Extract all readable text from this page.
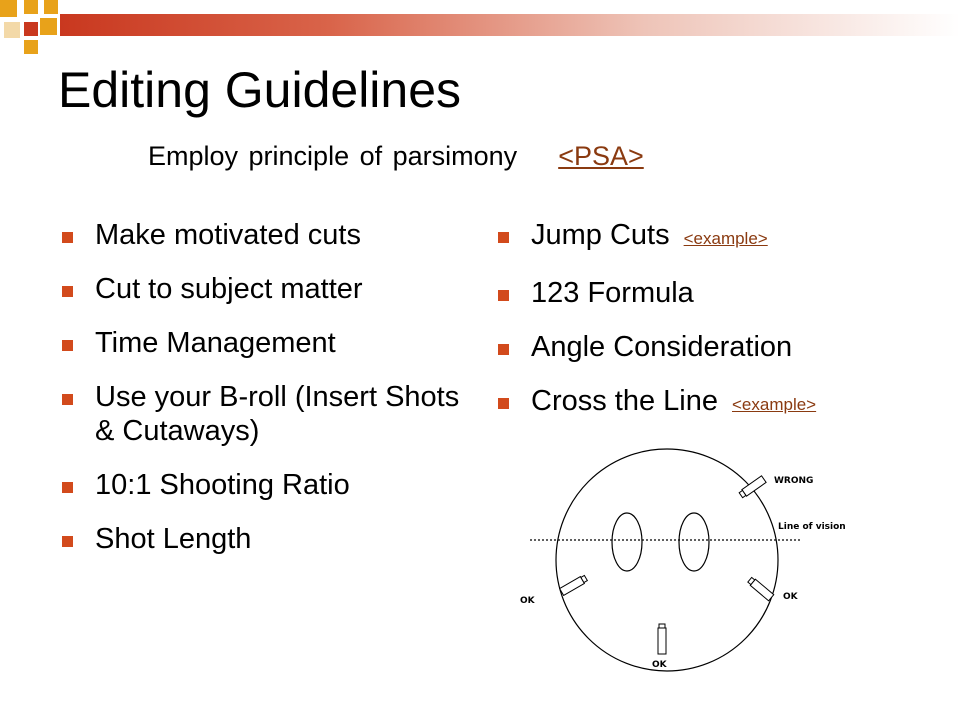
Editing Guidelines
Employ principle of parsimony <PSA>
Make motivated cuts
Cut to subject matter
Time Management
Use your B-roll (Insert Shots & Cutaways)
10:1 Shooting Ratio
Shot Length
Jump Cuts <example>
123 Formula
Angle Consideration
Cross the Line <example>
WRONG
Line of vision
OK	OK
OK
